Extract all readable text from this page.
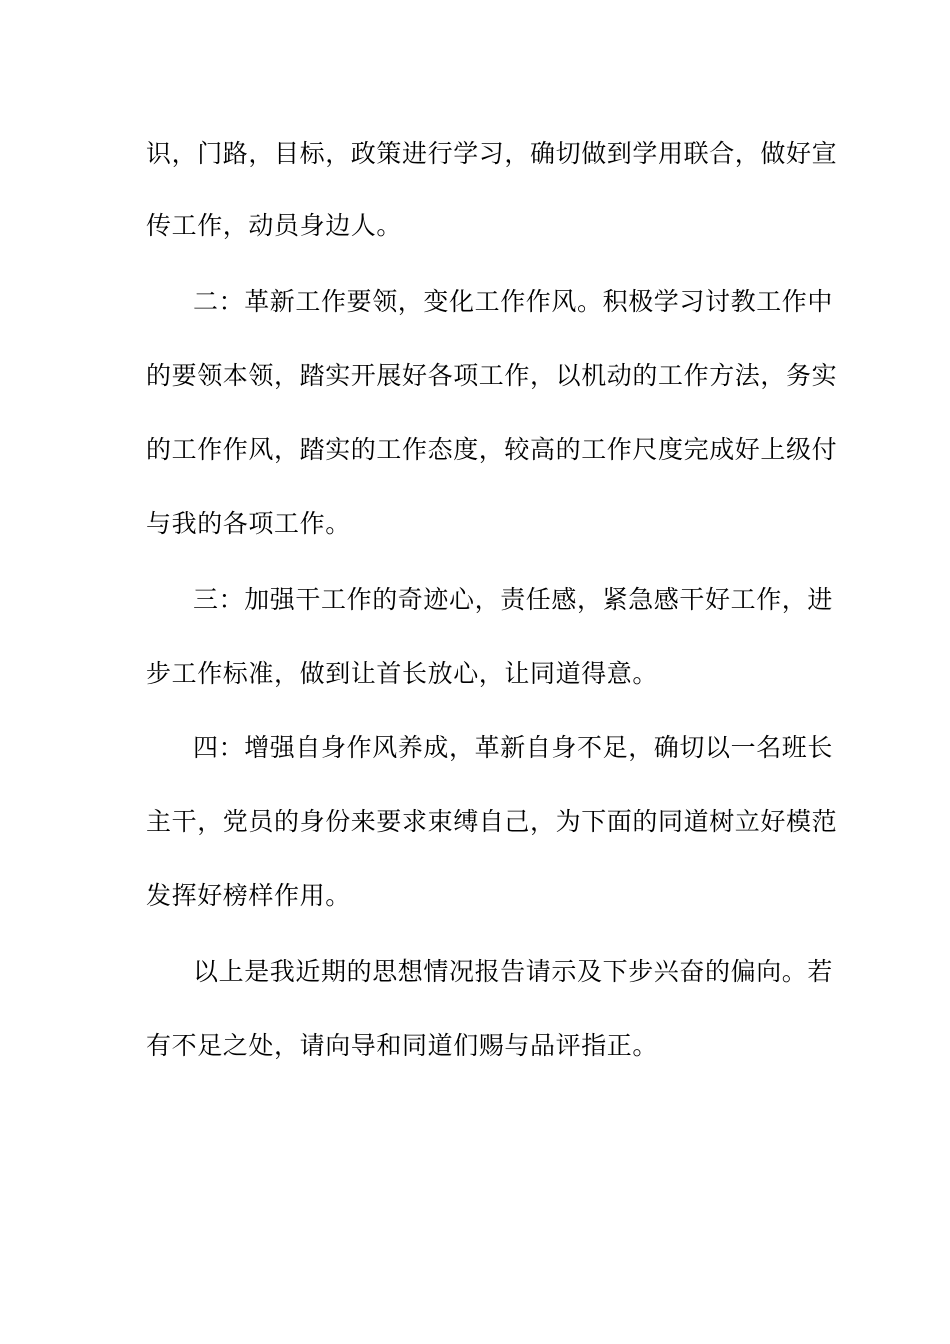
识，门路，目标，政策进行学习，确切做到学用联合，做好宣
传工作，动员身边人。
二：革新工作要领，变化工作作风。积极学习讨教工作中
的要领本领，踏实开展好各项工作，以机动的工作方法，务实
的工作作风，踏实的工作态度，较高的工作尺度完成好上级付
与我的各项工作。
三：加强干工作的奇迹心，责任感，紧急感干好工作，进
步工作标准，做到让首长放心，让同道得意。
四：增强自身作风养成，革新自身不足，确切以一名班长
主干，党员的身份来要求束缚自己，为下面的同道树立好模范
发挥好榜样作用。
以上是我近期的思想情况报告请示及下步兴奋的偏向。若
有不足之处，请向导和同道们赐与品评指正。
